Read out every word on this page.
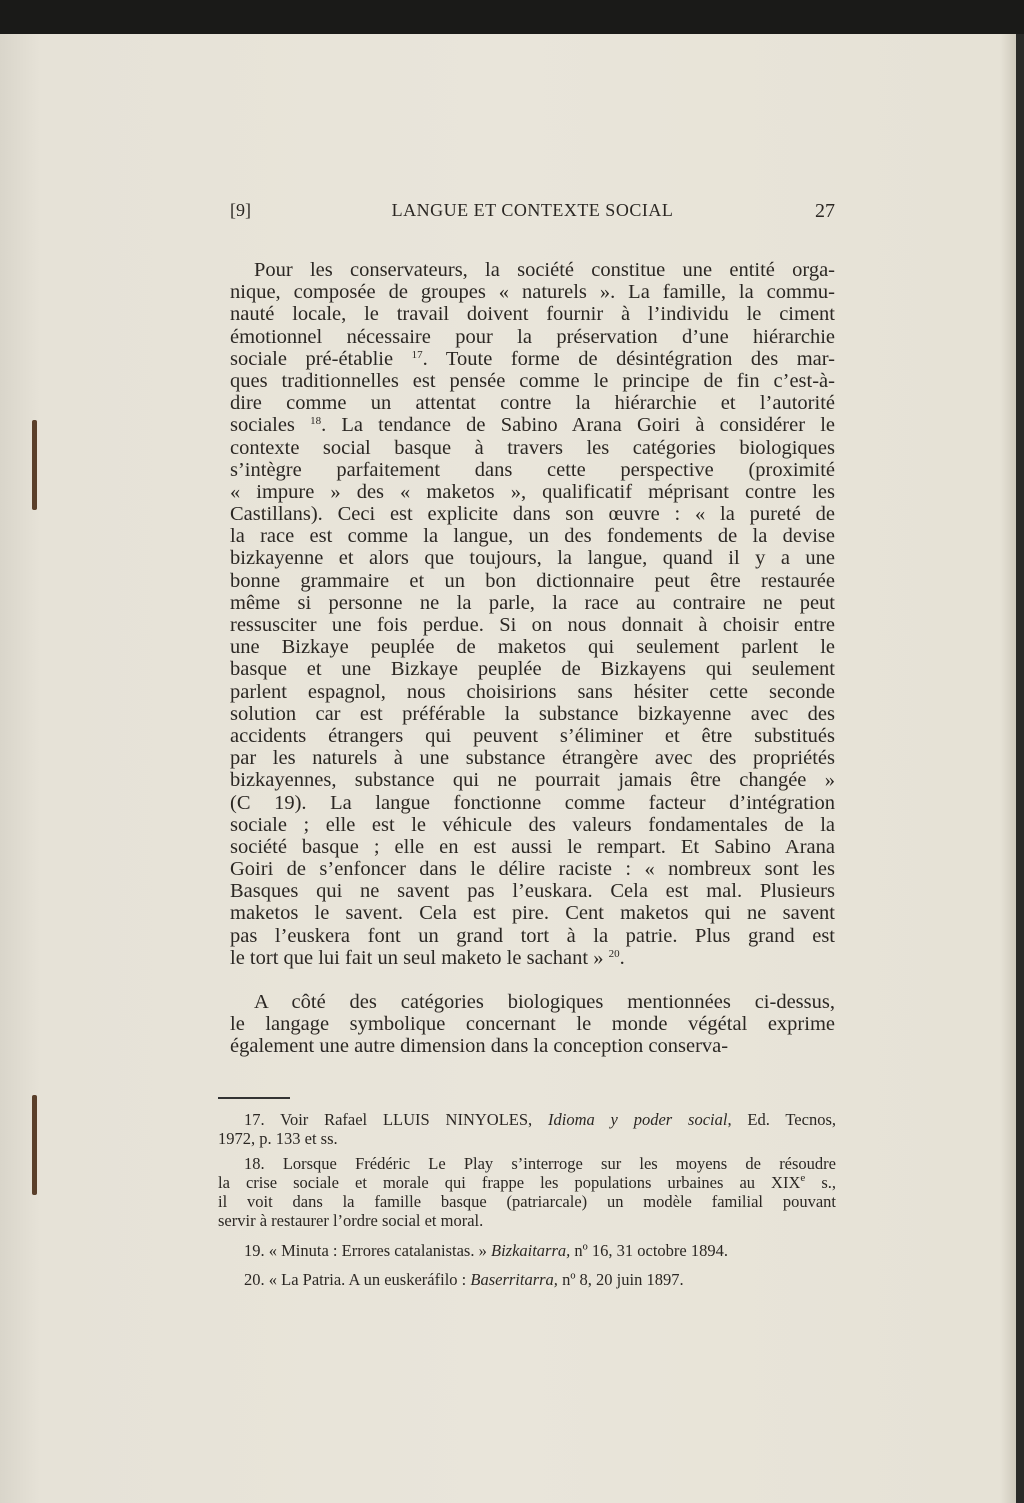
[9]	LANGUE ET CONTEXTE SOCIAL	27
Pour les conservateurs, la société constitue une entité orga-
nique, composée de groupes « naturels ». La famille, la commu-
nauté locale, le travail doivent fournir à l’individu le ciment
émotionnel nécessaire pour la préservation d’une hiérarchie
sociale pré-établie $^{17}$. Toute forme de désintégration des mar-
ques traditionnelles est pensée comme le principe de fin c’est-à-
dire comme un attentat contre la hiérarchie et l’autorité
sociales $^{18}$. La tendance de Sabino Arana Goiri à considérer le
contexte social basque à travers les catégories biologiques
s’intègre parfaitement dans cette perspective (proximité
« impure » des « maketos », qualificatif méprisant contre les
Castillans). Ceci est explicite dans son œuvre : « la pureté de
la race est comme la langue, un des fondements de la devise
bizkayenne et alors que toujours, la langue, quand il y a une
bonne grammaire et un bon dictionnaire peut être restaurée
même si personne ne la parle, la race au contraire ne peut
ressusciter une fois perdue. Si on nous donnait à choisir entre
une Bizkaye peuplée de maketos qui seulement parlent le
basque et une Bizkaye peuplée de Bizkayens qui seulement
parlent espagnol, nous choisirions sans hésiter cette seconde
solution car est préférable la substance bizkayenne avec des
accidents étrangers qui peuvent s’éliminer et être substitués
par les naturels à une substance étrangère avec des propriétés
bizkayennes, substance qui ne pourrait jamais être changée »
(C 19). La langue fonctionne comme facteur d’intégration
sociale ; elle est le véhicule des valeurs fondamentales de la
société basque ; elle en est aussi le rempart. Et Sabino Arana
Goiri de s’enfoncer dans le délire raciste : « nombreux sont les
Basques qui ne savent pas l’euskara. Cela est mal. Plusieurs
maketos le savent. Cela est pire. Cent maketos qui ne savent
pas l’euskera font un grand tort à la patrie. Plus grand est
le tort que lui fait un seul maketo le sachant » $^{20}$.
A côté des catégories biologiques mentionnées ci-dessus,
le langage symbolique concernant le monde végétal exprime
également une autre dimension dans la conception conserva-
17. Voir Rafael LLUIS NINYOLES, Idioma y poder social, Ed. Tecnos,
1972, p. 133 et ss.
18. Lorsque Frédéric Le Play s’interroge sur les moyens de résoudre
la crise sociale et morale qui frappe les populations urbaines au XIXe s.,
il voit dans la famille basque (patriarcale) un modèle familial pouvant
servir à restaurer l’ordre social et moral.
19. « Minuta : Errores catalanistas. » Bizkaitarra, nº 16, 31 octobre 1894.
20. « La Patria. A un euskeráfilo : Baserritarra, nº 8, 20 juin 1897.
